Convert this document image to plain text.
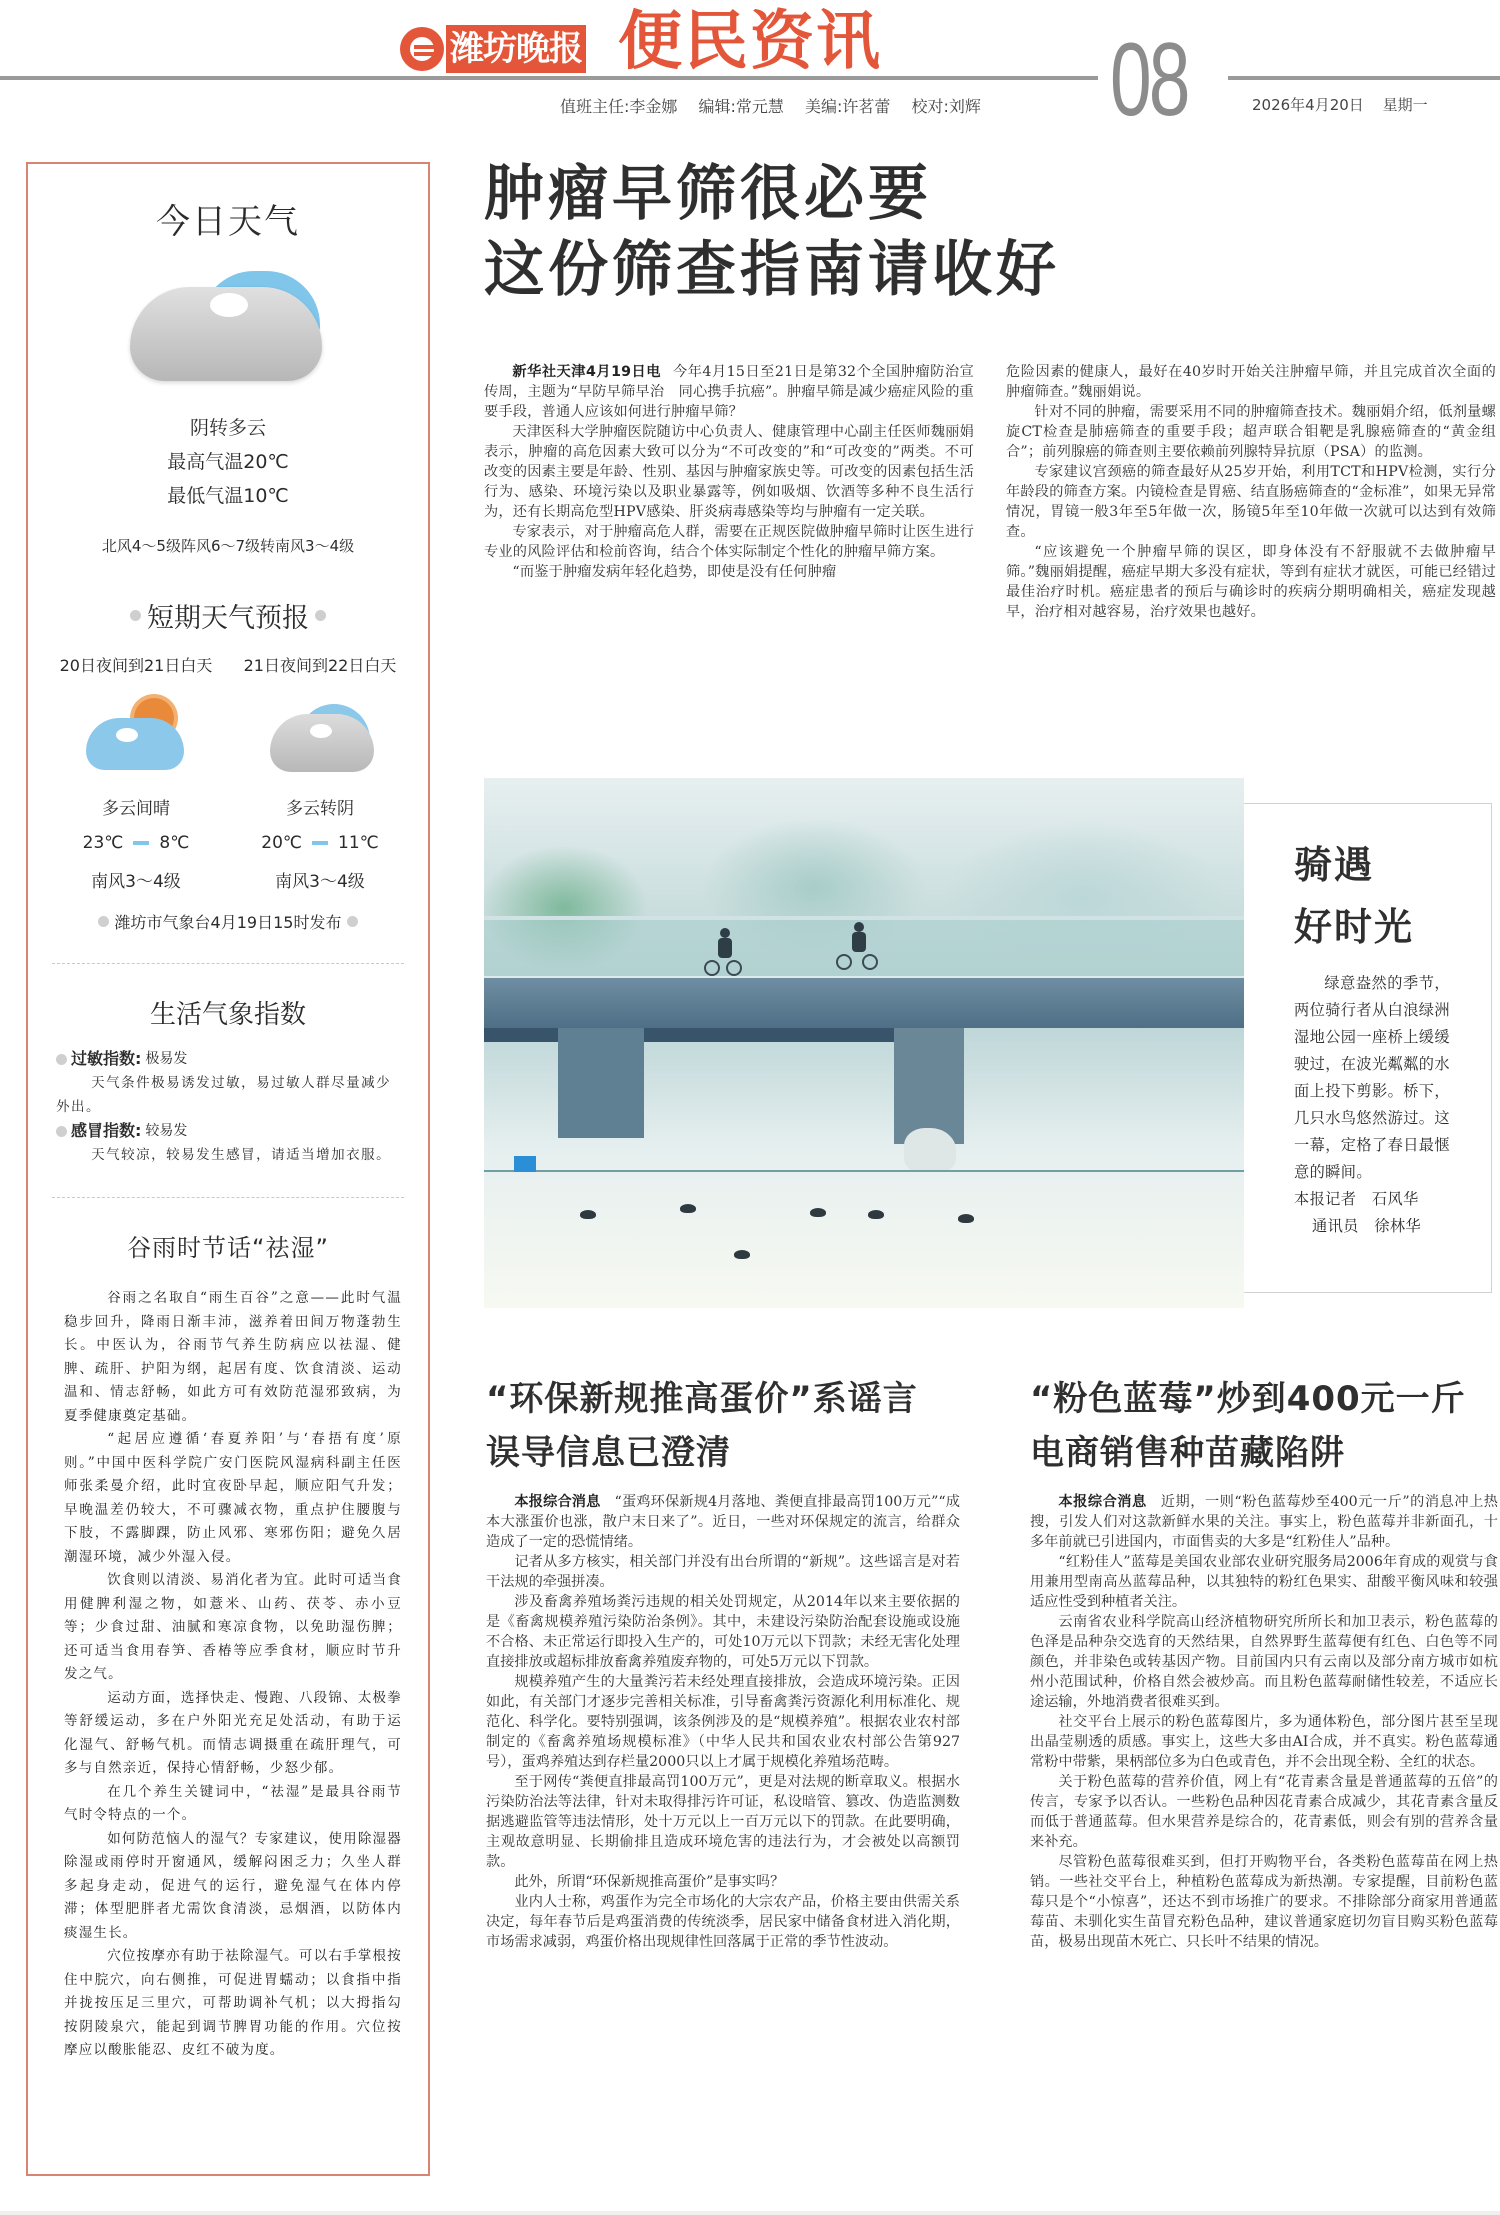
潍坊晚报 便民资讯 08
值班主任:李金娜 编辑:常元慧 美编:许茗蕾 校对:刘辉	2026年4月20日 星期一
今日天气
阴转多云
最高气温20℃
最低气温10℃
北风4～5级阵风6～7级转南风3～4级
短期天气预报
20日夜间到21日白天
多云间晴
23℃ 8℃
南风3～4级
21日夜间到22日白天
多云转阴
20℃ 11℃
南风3～4级
潍坊市气象台4月19日15时发布
生活气象指数
过敏指数: 极易发
天气条件极易诱发过敏，易过敏人群尽量减少外出。
感冒指数: 较易发
天气较凉，较易发生感冒，请适当增加衣服。
谷雨时节话“祛湿”

谷雨之名取自“雨生百谷”之意——此时气温稳步回升，降雨日渐丰沛，滋养着田间万物蓬勃生长。中医认为，谷雨节气养生防病应以祛湿、健脾、疏肝、护阳为纲，起居有度、饮食清淡、运动温和、情志舒畅，如此方可有效防范湿邪致病，为夏季健康奠定基础。

“起居应遵循‘春夏养阳’与‘春捂有度’原则。”中国中医科学院广安门医院风湿病科副主任医师张柔曼介绍，此时宜夜卧早起，顺应阳气升发；早晚温差仍较大，不可骤减衣物，重点护住腰腹与下肢，不露脚踝，防止风邪、寒邪伤阳；避免久居潮湿环境，减少外湿入侵。

饮食则以清淡、易消化者为宜。此时可适当食用健脾利湿之物，如薏米、山药、茯苓、赤小豆等；少食过甜、油腻和寒凉食物，以免助湿伤脾；还可适当食用春笋、香椿等应季食材，顺应时节升发之气。

运动方面，选择快走、慢跑、八段锦、太极拳等舒缓运动，多在户外阳光充足处活动，有助于运化湿气、舒畅气机。而情志调摄重在疏肝理气，可多与自然亲近，保持心情舒畅，少怒少郁。

在几个养生关键词中，“祛湿”是最具谷雨节气时令特点的一个。

如何防范恼人的湿气？专家建议，使用除湿器除湿或雨停时开窗通风，缓解闷困乏力；久坐人群多起身走动，促进气的运行，避免湿气在体内停滞；体型肥胖者尤需饮食清淡，忌烟酒，以防体内痰湿生长。

穴位按摩亦有助于祛除湿气。可以右手掌根按住中脘穴，向右侧推，可促进胃蠕动；以食指中指并拢按压足三里穴，可帮助调补气机；以大拇指勾按阴陵泉穴，能起到调节脾胃功能的作用。穴位按摩应以酸胀能忍、皮红不破为度。

肿瘤早筛很必要
这份筛查指南请收好

新华社天津4月19日电 今年4月15日至21日是第32个全国肿瘤防治宣传周，主题为“早防早筛早治　同心携手抗癌”。肿瘤早筛是减少癌症风险的重要手段，普通人应该如何进行肿瘤早筛？

天津医科大学肿瘤医院随访中心负责人、健康管理中心副主任医师魏丽娟表示，肿瘤的高危因素大致可以分为“不可改变的”和“可改变的”两类。不可改变的因素主要是年龄、性别、基因与肿瘤家族史等。可改变的因素包括生活行为、感染、环境污染以及职业暴露等，例如吸烟、饮酒等多种不良生活行为，还有长期高危型HPV感染、肝炎病毒感染等均与肿瘤有一定关联。

专家表示，对于肿瘤高危人群，需要在正规医院做肿瘤早筛时让医生进行专业的风险评估和检前咨询，结合个体实际制定个性化的肿瘤早筛方案。

“而鉴于肿瘤发病年轻化趋势，即使是没有任何肿瘤

危险因素的健康人，最好在40岁时开始关注肿瘤早筛，并且完成首次全面的肿瘤筛查。”魏丽娟说。

针对不同的肿瘤，需要采用不同的肿瘤筛查技术。魏丽娟介绍，低剂量螺旋CT检查是肺癌筛查的重要手段；超声联合钼靶是乳腺癌筛查的“黄金组合”；前列腺癌的筛查则主要依赖前列腺特异抗原（PSA）的监测。

专家建议宫颈癌的筛查最好从25岁开始，利用TCT和HPV检测，实行分年龄段的筛查方案。内镜检查是胃癌、结直肠癌筛查的“金标准”，如果无异常情况，胃镜一般3年至5年做一次，肠镜5年至10年做一次就可以达到有效筛查。

“应该避免一个肿瘤早筛的误区，即身体没有不舒服就不去做肿瘤早筛。”魏丽娟提醒，癌症早期大多没有症状，等到有症状才就医，可能已经错过最佳治疗时机。癌症患者的预后与确诊时的疾病分期明确相关，癌症发现越早，治疗相对越容易，治疗效果也越好。

骑遇
好时光

绿意盎然的季节，两位骑行者从白浪绿洲湿地公园一座桥上缓缓驶过，在波光粼粼的水面上投下剪影。桥下，几只水鸟悠然游过。这一幕，定格了春日最惬意的瞬间。

本报记者　石风华
通讯员　徐林华
“环保新规推高蛋价”系谣言
误导信息已澄清

本报综合消息 “蛋鸡环保新规4月落地、粪便直排最高罚100万元”“成本大涨蛋价也涨，散户末日来了”。近日，一些对环保规定的流言，给群众造成了一定的恐慌情绪。

记者从多方核实，相关部门并没有出台所谓的“新规”。这些谣言是对若干法规的牵强拼凑。

涉及畜禽养殖场粪污违规的相关处罚规定，从2014年以来主要依据的是《畜禽规模养殖污染防治条例》。其中，未建设污染防治配套设施或设施不合格、未正常运行即投入生产的，可处10万元以下罚款；未经无害化处理直接排放或超标排放畜禽养殖废弃物的，可处5万元以下罚款。

规模养殖产生的大量粪污若未经处理直接排放，会造成环境污染。正因如此，有关部门才逐步完善相关标准，引导畜禽粪污资源化利用标准化、规范化、科学化。要特别强调，该条例涉及的是“规模养殖”。根据农业农村部制定的《畜禽养殖场规模标准》（中华人民共和国农业农村部公告第927号），蛋鸡养殖达到存栏量2000只以上才属于规模化养殖场范畴。

至于网传“粪便直排最高罚100万元”，更是对法规的断章取义。根据水污染防治法等法律，针对未取得排污许可证，私设暗管、篡改、伪造监测数据逃避监管等违法情形，处十万元以上一百万元以下的罚款。在此要明确，主观故意明显、长期偷排且造成环境危害的违法行为，才会被处以高额罚款。

此外，所谓“环保新规推高蛋价”是事实吗？

业内人士称，鸡蛋作为完全市场化的大宗农产品，价格主要由供需关系决定，每年春节后是鸡蛋消费的传统淡季，居民家中储备食材进入消化期，市场需求减弱，鸡蛋价格出现规律性回落属于正常的季节性波动。

“粉色蓝莓”炒到400元一斤
电商销售种苗藏陷阱

本报综合消息 近期，一则“粉色蓝莓炒至400元一斤”的消息冲上热搜，引发人们对这款新鲜水果的关注。事实上，粉色蓝莓并非新面孔，十多年前就已引进国内，市面售卖的大多是“红粉佳人”品种。

“红粉佳人”蓝莓是美国农业部农业研究服务局2006年育成的观赏与食用兼用型南高丛蓝莓品种，以其独特的粉红色果实、甜酸平衡风味和较强适应性受到种植者关注。

云南省农业科学院高山经济植物研究所所长和加卫表示，粉色蓝莓的色泽是品种杂交选育的天然结果，自然界野生蓝莓便有红色、白色等不同颜色，并非染色或转基因产物。目前国内只有云南以及部分南方城市如杭州小范围试种，价格自然会被炒高。而且粉色蓝莓耐储性较差，不适应长途运输，外地消费者很难买到。

社交平台上展示的粉色蓝莓图片，多为通体粉色，部分图片甚至呈现出晶莹剔透的质感。事实上，这些大多由AI合成，并不真实。粉色蓝莓通常粉中带紫，果柄部位多为白色或青色，并不会出现全粉、全红的状态。

关于粉色蓝莓的营养价值，网上有“花青素含量是普通蓝莓的五倍”的传言，专家予以否认。一些粉色品种因花青素合成减少，其花青素含量反而低于普通蓝莓。但水果营养是综合的，花青素低，则会有别的营养含量来补充。

尽管粉色蓝莓很难买到，但打开购物平台，各类粉色蓝莓苗在网上热销。一些社交平台上，种植粉色蓝莓成为新热潮。专家提醒，目前粉色蓝莓只是个“小惊喜”，还达不到市场推广的要求。不排除部分商家用普通蓝莓苗、未驯化实生苗冒充粉色品种，建议普通家庭切勿盲目购买粉色蓝莓苗，极易出现苗木死亡、只长叶不结果的情况。
